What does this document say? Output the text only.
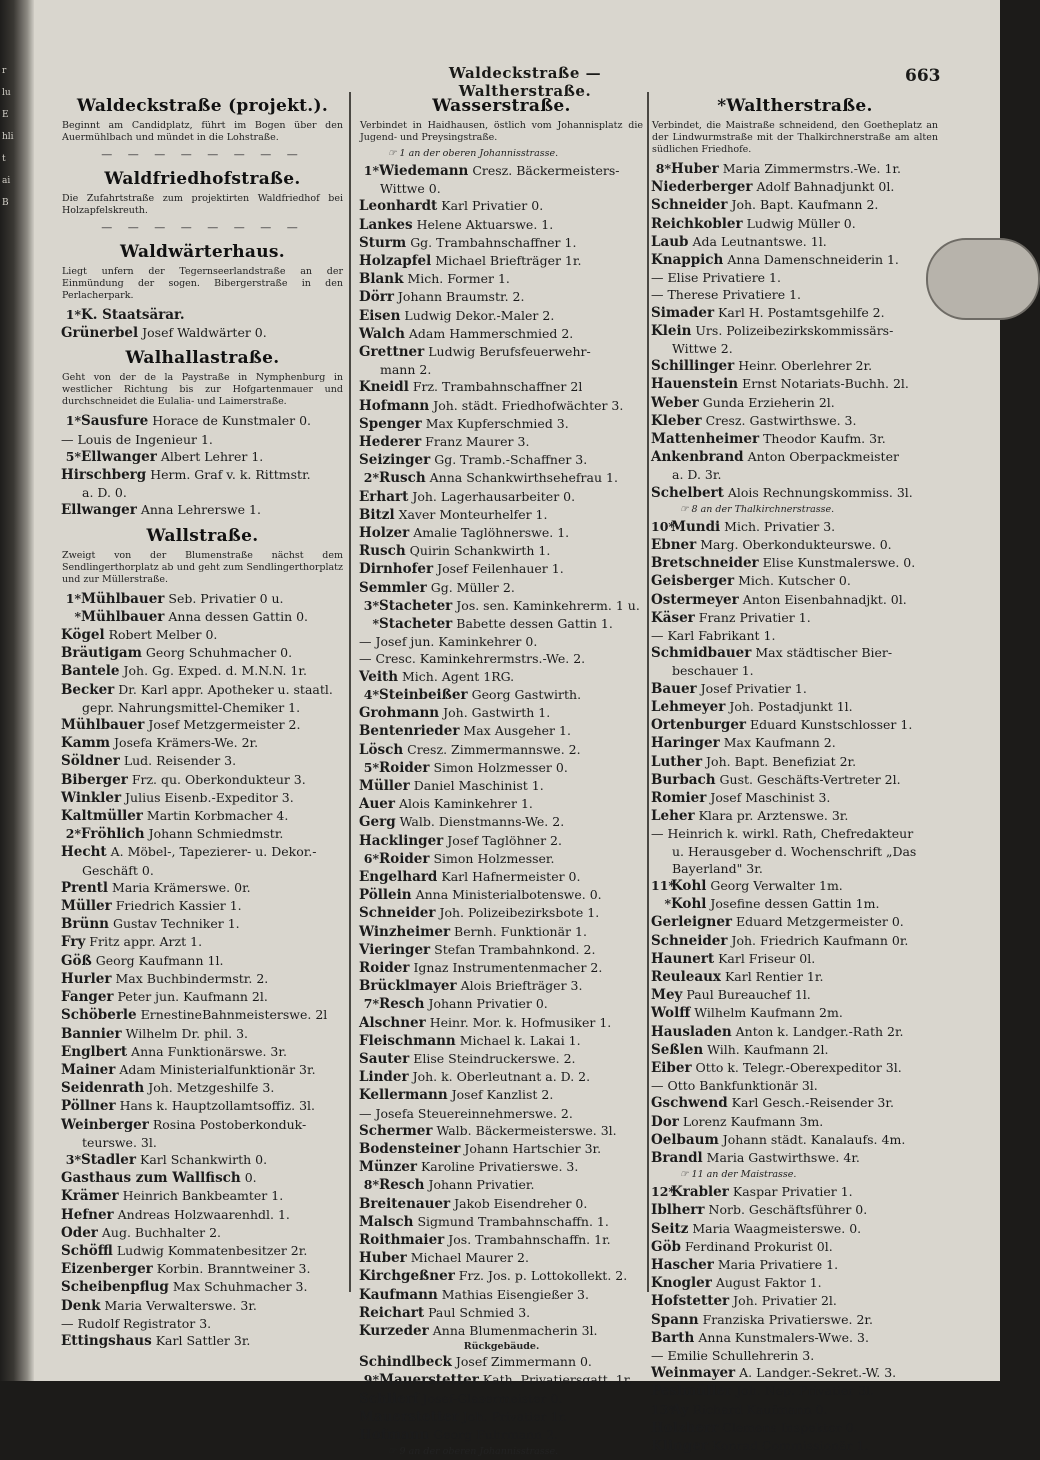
r
lu
E
hli
t
ai
B
Waldeckstraße — Waltherstraße.
663
Waldeckstraße (projekt.).
Beginnt am Candidplatz, führt im Bogen über den Auermühlbach und mündet in die Lohstraße.
— — — — — — — —
Waldfriedhofstraße.
Die Zufahrtstraße zum projektirten Waldfriedhof bei Holzapfelskreuth.
— — — — — — — —
Waldwärterhaus.
Liegt unfern der Tegernseerlandstraße an der Einmündung der sogen. Bibergerstraße in den Perlacherpark.
1*K. Staatsärar.
Grünerbel Josef Waldwärter 0.
Walhallastraße.
Geht von der de la Paystraße in Nymphenburg in westlicher Richtung bis zur Hofgartenmauer und durchschneidet die Eulalia- und Laimerstraße.
1*Sausfure Horace de Kunstmaler 0.
— Louis de Ingenieur 1.
5*Ellwanger Albert Lehrer 1.
Hirschberg Herm. Graf v. k. Rittmstr.
a. D. 0.
Ellwanger Anna Lehrerswe 1.
Wallstraße.
Zweigt von der Blumenstraße nächst dem Sendlingerthorplatz ab und geht zum Sendlingerthorplatz und zur Müllerstraße.
1*Mühlbauer Seb. Privatier 0 u.
*Mühlbauer Anna dessen Gattin 0.
Kögel Robert Melber 0.
Bräutigam Georg Schuhmacher 0.
Bantele Joh. Gg. Exped. d. M.N.N. 1r.
Becker Dr. Karl appr. Apotheker u. staatl.
gepr. Nahrungsmittel-Chemiker 1.
Mühlbauer Josef Metzgermeister 2.
Kamm Josefa Krämers-We. 2r.
Söldner Lud. Reisender 3.
Biberger Frz. qu. Oberkondukteur 3.
Winkler Julius Eisenb.-Expeditor 3.
Kaltmüller Martin Korbmacher 4.
2*Fröhlich Johann Schmiedmstr.
Hecht A. Möbel-, Tapezierer- u. Dekor.-
Geschäft 0.
Prentl Maria Krämerswe. 0r.
Müller Friedrich Kassier 1.
Brünn Gustav Techniker 1.
Fry Fritz appr. Arzt 1.
Göß Georg Kaufmann 1l.
Hurler Max Buchbindermstr. 2.
Fanger Peter jun. Kaufmann 2l.
Schöberle ErnestineBahnmeisterswe. 2l
Bannier Wilhelm Dr. phil. 3.
Englbert Anna Funktionärswe. 3r.
Mainer Adam Ministerialfunktionär 3r.
Seidenrath Joh. Metzgeshilfe 3.
Pöllner Hans k. Hauptzollamtsoffiz. 3l.
Weinberger Rosina Postoberkonduk-
teurswe. 3l.
3*Stadler Karl Schankwirth 0.
Gasthaus zum Wallfisch 0.
Krämer Heinrich Bankbeamter 1.
Hefner Andreas Holzwaarenhdl. 1.
Oder Aug. Buchhalter 2.
Schöffl Ludwig Kommatenbesitzer 2r.
Eizenberger Korbin. Branntweiner 3.
Scheibenpflug Max Schuhmacher 3.
Denk Maria Verwalterswe. 3r.
— Rudolf Registrator 3.
Ettingshaus Karl Sattler 3r.
Wasserstraße.
Verbindet in Haidhausen, östlich vom Johannisplatz die Jugend- und Preysingstraße.
☞ 1 an der oberen Johannisstrasse.
1*Wiedemann Cresz. Bäckermeisters-
Wittwe 0.
Leonhardt Karl Privatier 0.
Lankes Helene Aktuarswe. 1.
Sturm Gg. Trambahnschaffner 1.
Holzapfel Michael Briefträger 1r.
Blank Mich. Former 1.
Dörr Johann Braumstr. 2.
Eisen Ludwig Dekor.-Maler 2.
Walch Adam Hammerschmied 2.
Grettner Ludwig Berufsfeuerwehr-
mann 2.
Kneidl Frz. Trambahnschaffner 2l
Hofmann Joh. städt. Friedhofwächter 3.
Spenger Max Kupferschmied 3.
Hederer Franz Maurer 3.
Seizinger Gg. Tramb.-Schaffner 3.
2*Rusch Anna Schankwirthsehefrau 1.
Erhart Joh. Lagerhausarbeiter 0.
Bitzl Xaver Monteurhelfer 1.
Holzer Amalie Taglöhnerswe. 1.
Rusch Quirin Schankwirth 1.
Dirnhofer Josef Feilenhauer 1.
Semmler Gg. Müller 2.
3*Stacheter Jos. sen. Kaminkehrerm. 1 u.
*Stacheter Babette dessen Gattin 1.
— Josef jun. Kaminkehrer 0.
— Cresc. Kaminkehrermstrs.-We. 2.
Veith Mich. Agent 1RG.
4*Steinbeißer Georg Gastwirth.
Grohmann Joh. Gastwirth 1.
Bentenrieder Max Ausgeher 1.
Lösch Cresz. Zimmermannswe. 2.
5*Roider Simon Holzmesser 0.
Müller Daniel Maschinist 1.
Auer Alois Kaminkehrer 1.
Gerg Walb. Dienstmanns-We. 2.
Hacklinger Josef Taglöhner 2.
6*Roider Simon Holzmesser.
Engelhard Karl Hafnermeister 0.
Pöllein Anna Ministerialbotenswe. 0.
Schneider Joh. Polizeibezirksbote 1.
Winzheimer Bernh. Funktionär 1.
Vieringer Stefan Trambahnkond. 2.
Roider Ignaz Instrumentenmacher 2.
Brücklmayer Alois Briefträger 3.
7*Resch Johann Privatier 0.
Alschner Heinr. Mor. k. Hofmusiker 1.
Fleischmann Michael k. Lakai 1.
Sauter Elise Steindruckerswe. 2.
Linder Joh. k. Oberleutnant a. D. 2.
Kellermann Josef Kanzlist 2.
— Josefa Steuereinnehmerswe. 2.
Schermer Walb. Bäckermeisterswe. 3l.
Bodensteiner Johann Hartschier 3r.
Münzer Karoline Privatierswe. 3.
8*Resch Johann Privatier.
Breitenauer Jakob Eisendreher 0.
Malsch Sigmund Trambahnschaffn. 1.
Roithmaier Jos. Trambahnschaffn. 1r.
Huber Michael Maurer 2.
Kirchgeßner Frz. Jos. p. Lottokollekt. 2.
Kaufmann Mathias Eisengießer 3.
Reichart Paul Schmied 3.
Kurzeder Anna Blumenmacherin 3l.
Rückgebäude.
Schindlbeck Josef Zimmermann 0.
9*Mauerstetter Kath. Privatiersgatt. 1r.
Schlierf Josef-Glasermeister 0.
Mauerstetter Joh. Privatier 1r.
Hofmann Georg Fuhrmann 2.
☞ 9 an der oberen Johannisstrasse.
*Waltherstraße.
Verbindet, die Maistraße schneidend, den Goetheplatz an der Lindwurmstraße mit der Thalkirchnerstraße am alten südlichen Friedhofe.
8*Huber Maria Zimmermstrs.-We. 1r.
Niederberger Adolf Bahnadjunkt 0l.
Schneider Joh. Bapt. Kaufmann 2.
Reichkobler Ludwig Müller 0.
Laub Ada Leutnantswe. 1l.
Knappich Anna Damenschneiderin 1.
— Elise Privatiere 1.
— Therese Privatiere 1.
Simader Karl H. Postamtsgehilfe 2.
Klein Urs. Polizeibezirkskommissärs-
Wittwe 2.
Schillinger Heinr. Oberlehrer 2r.
Hauenstein Ernst Notariats-Buchh. 2l.
Weber Gunda Erzieherin 2l.
Kleber Cresz. Gastwirthswe. 3.
Mattenheimer Theodor Kaufm. 3r.
Ankenbrand Anton Oberpackmeister
a. D. 3r.
Schelbert Alois Rechnungskommiss. 3l.
☞ 8 an der Thalkirchnerstrasse.
10*Mundi Mich. Privatier 3.
Ebner Marg. Oberkondukteurswe. 0.
Bretschneider Elise Kunstmalerswe. 0.
Geisberger Mich. Kutscher 0.
Ostermeyer Anton Eisenbahnadjkt. 0l.
Käser Franz Privatier 1.
— Karl Fabrikant 1.
Schmidbauer Max städtischer Bier-
beschauer 1.
Bauer Josef Privatier 1.
Lehmeyer Joh. Postadjunkt 1l.
Ortenburger Eduard Kunstschlosser 1.
Haringer Max Kaufmann 2.
Luther Joh. Bapt. Benefiziat 2r.
Burbach Gust. Geschäfts-Vertreter 2l.
Romier Josef Maschinist 3.
Leher Klara pr. Arztenswe. 3r.
— Heinrich k. wirkl. Rath, Chefredakteur
u. Herausgeber d. Wochenschrift „Das
Bayerland" 3r.
11*Kohl Georg Verwalter 1m.
*Kohl Josefine dessen Gattin 1m.
Gerleigner Eduard Metzgermeister 0.
Schneider Joh. Friedrich Kaufmann 0r.
Haunert Karl Friseur 0l.
Reuleaux Karl Rentier 1r.
Mey Paul Bureauchef 1l.
Wolff Wilhelm Kaufmann 2m.
Hausladen Anton k. Landger.-Rath 2r.
Seßlen Wilh. Kaufmann 2l.
Eiber Otto k. Telegr.-Oberexpeditor 3l.
— Otto Bankfunktionär 3l.
Gschwend Karl Gesch.-Reisender 3r.
Dor Lorenz Kaufmann 3m.
Oelbaum Johann städt. Kanalaufs. 4m.
Brandl Maria Gastwirthswe. 4r.
☞ 11 an der Maistrasse.
12*Krabler Kaspar Privatier 1.
Iblherr Norb. Geschäftsführer 0.
Seitz Maria Waagmeisterswe. 0.
Göb Ferdinand Prokurist 0l.
Hascher Maria Privatiere 1.
Knogler August Faktor 1.
Hofstetter Joh. Privatier 2l.
Spann Franziska Privatierswe. 2r.
Barth Anna Kunstmalers-Wwe. 3.
— Emilie Schullehrerin 3.
Weinmayer A. Landger.-Sekret.-W. 3.
Peslmüller Joh. Nep. Privatier 3l.
13*Ay Richard Kaufmann 0.
Holzherr Clemens Inspektor 0.
Klinger Konrad Commissionär 1.
